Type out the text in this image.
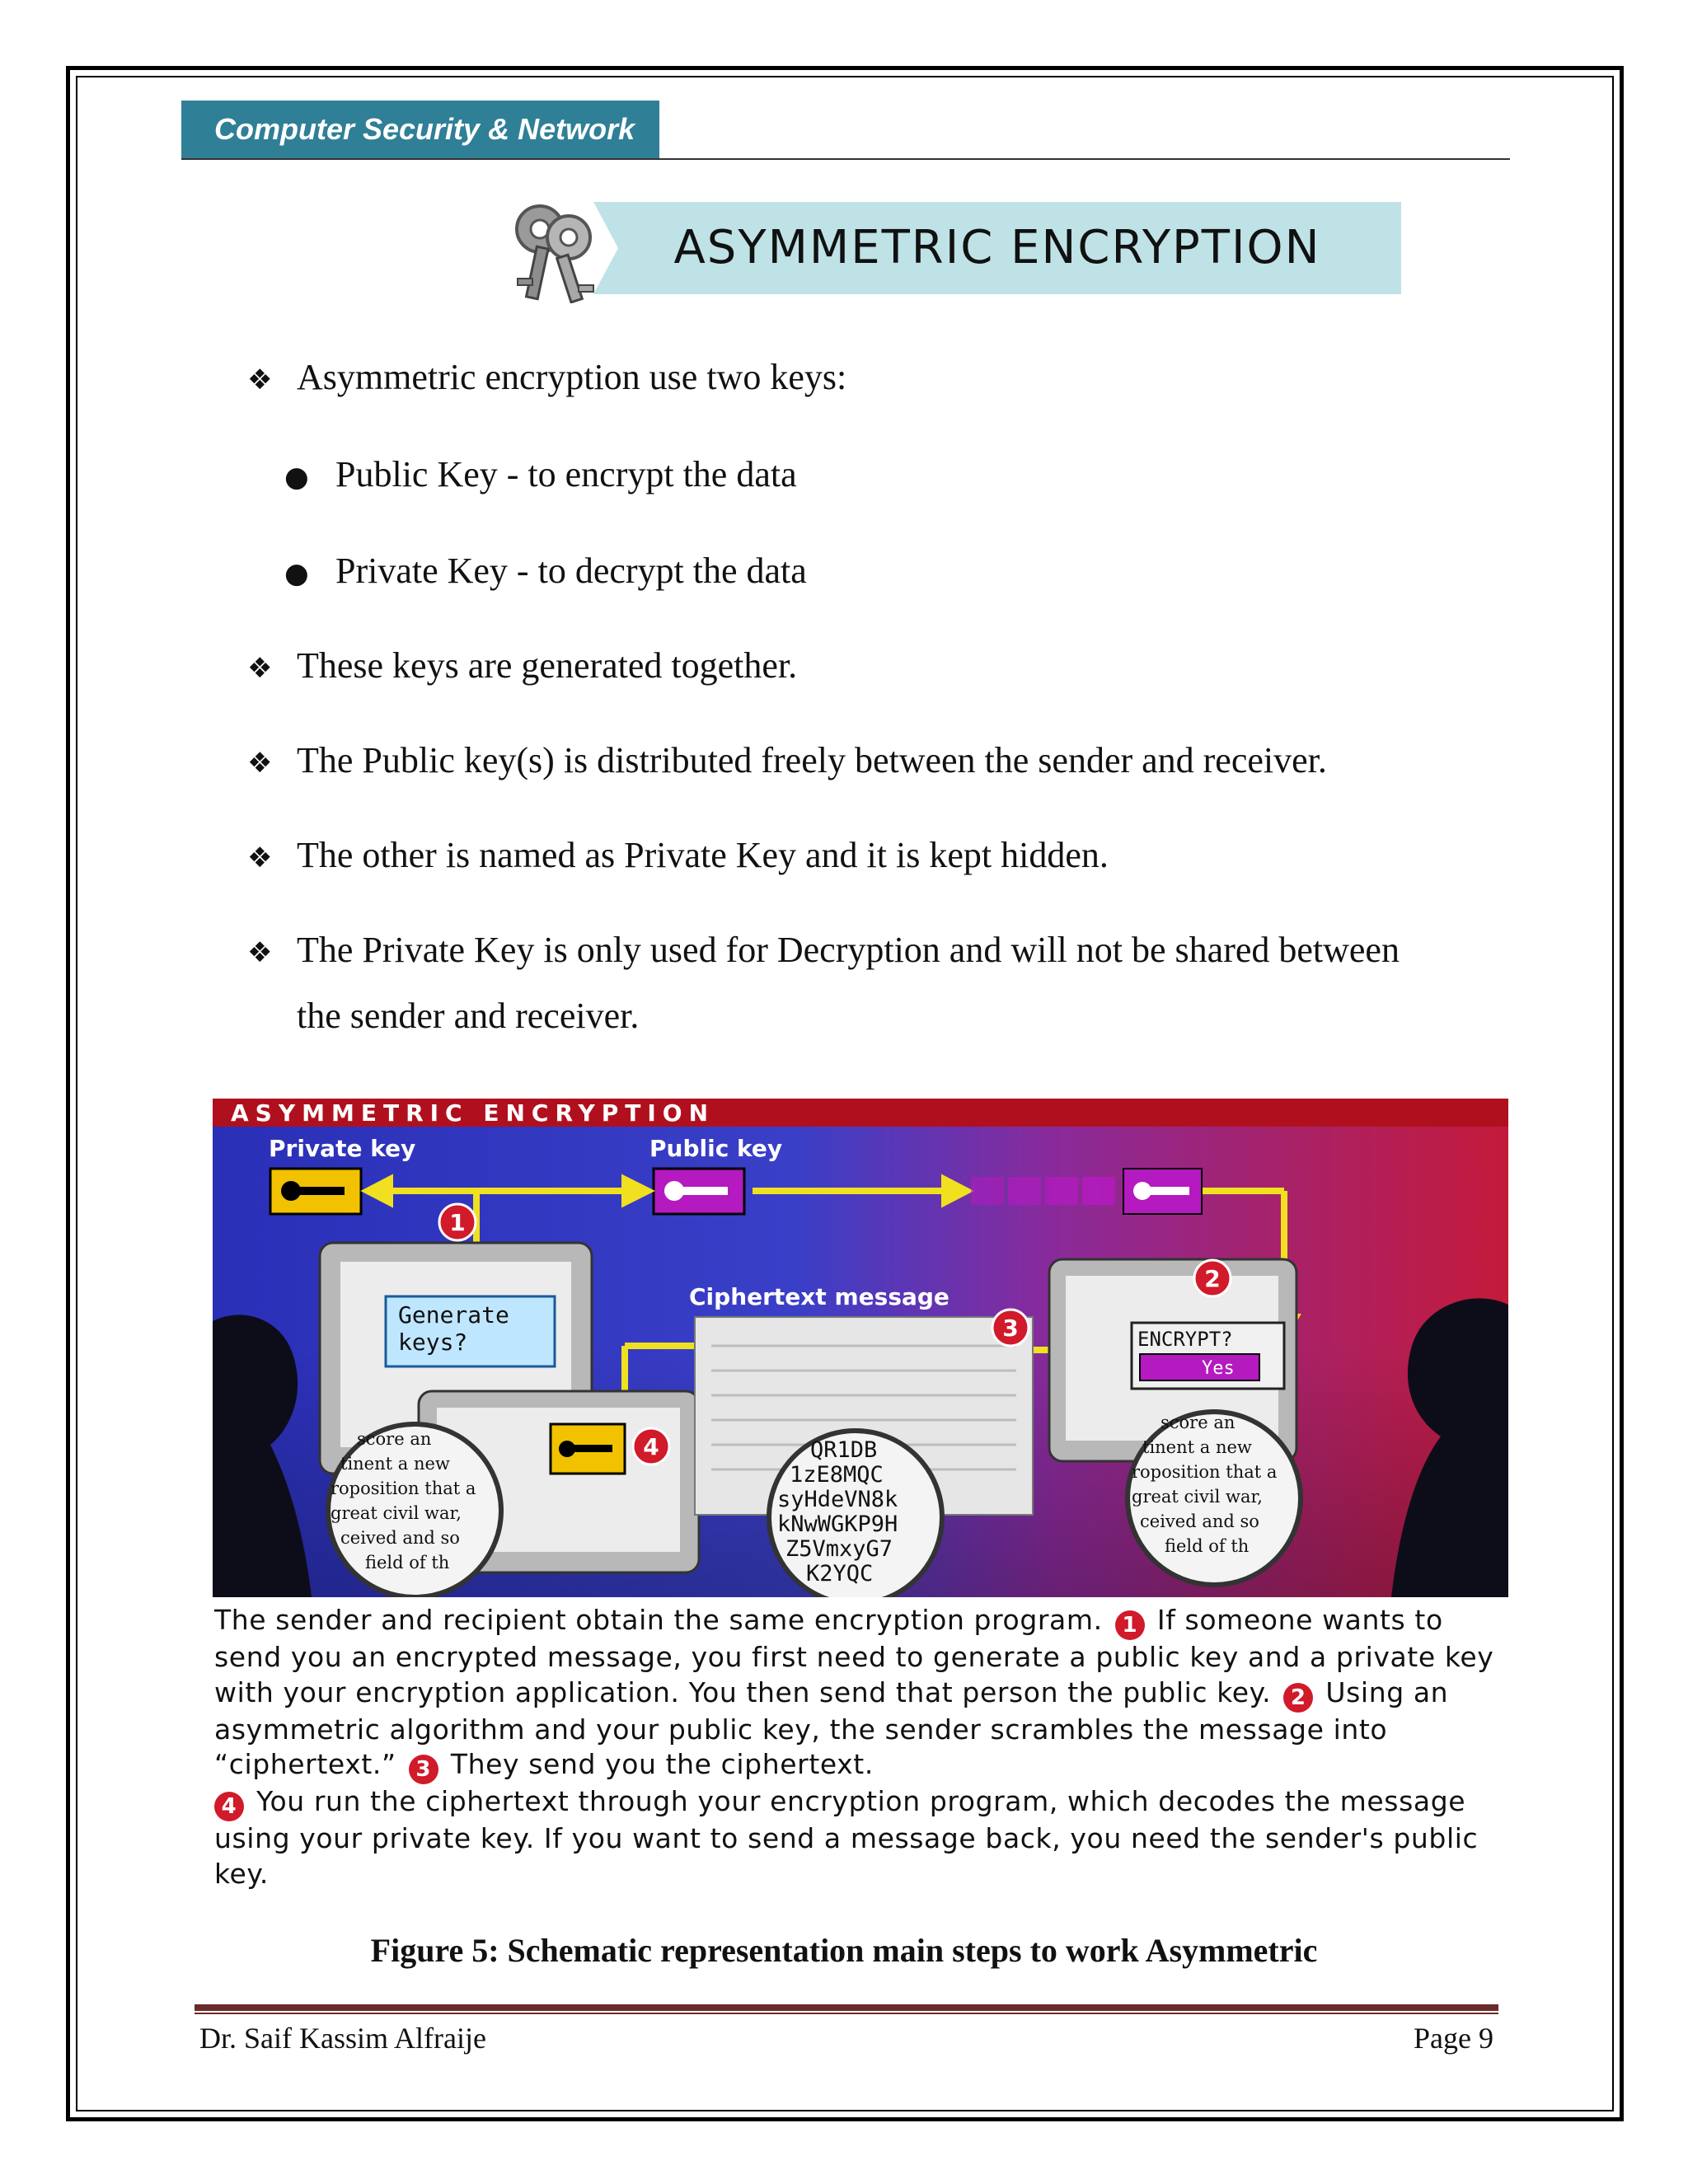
Computer Security & Network
ASYMMETRIC ENCRYPTION
❖ Asymmetric encryption use two keys:
● Public Key - to encrypt the data
● Private Key - to decrypt the data
❖ These keys are generated together.
❖ The Public key(s) is distributed freely between the sender and receiver.
❖ The other is named as Private Key and it is kept hidden.
❖ The Private Key is only used for Decryption and will not be shared between
the sender and receiver.
ASYMMETRIC ENCRYPTION
Private key	Public key
Generate
keys?
Ciphertext message
ENCRYPT?
Yes
1
2
3
4
score an
tinent a new
roposition that a
great civil war,
ceived and so
field of th
QR1DB
1zE8MQC
syHdeVN8k
kNwWGKP9H
Z5VmxyG7
K2YQC
score an
tinent a new
roposition that a
great civil war,
ceived and so
field of th
The sender and recipient obtain the same encryption program. 1 If someone wants to send you an encrypted message, you first need to generate a public key and a private key with your encryption application. You then send that person the public key. 2 Using an asymmetric algorithm and your public key, the sender scrambles the message into “ciphertext.” 3 They send you the ciphertext.
4 You run the ciphertext through your encryption program, which decodes the message using your private key. If you want to send a message back, you need the sender's public key.
Figure 5: Schematic representation main steps to work Asymmetric
Dr. Saif Kassim Alfraije	Page 9
